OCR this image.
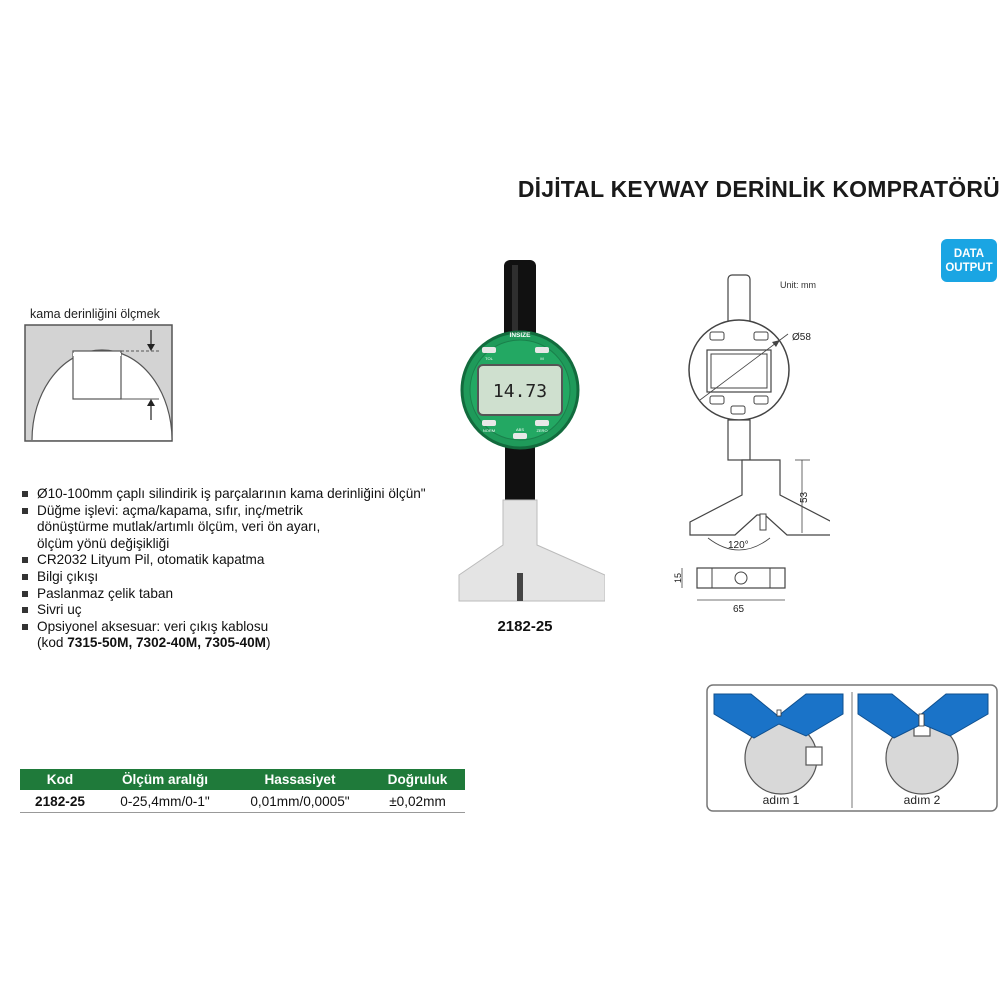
DİJİTAL KEYWAY DERİNLİK KOMPRATÖRÜ
DATA
OUTPUT
kama derinliğini ölçmek
Ø10-100mm çaplı silindirik iş parçalarının kama derinliğini ölçün"
Düğme işlevi: açma/kapama, sıfır, inç/metrik dönüştürme mutlak/artımlı ölçüm, veri ön ayarı, ölçüm yönü değişikliği
CR2032 Lityum Pil, otomatik kapatma
Bilgi çıkışı
Paslanmaz çelik taban
Sivri uç
Opsiyonel aksesuar: veri çıkış kablosu
(kod 7315-50M, 7302-40M, 7305-40M)
Kod	Ölçüm aralığı	Hassasiyet	Doğruluk
2182-25	0-25,4mm/0-1"	0,01mm/0,0005"	±0,02mm
14.73
INSIZE
TOL	M
NORM	ABS	ZERO
2182-25
Unit: mm
Ø58
53
120°
15
65
adım 1	adım 2
